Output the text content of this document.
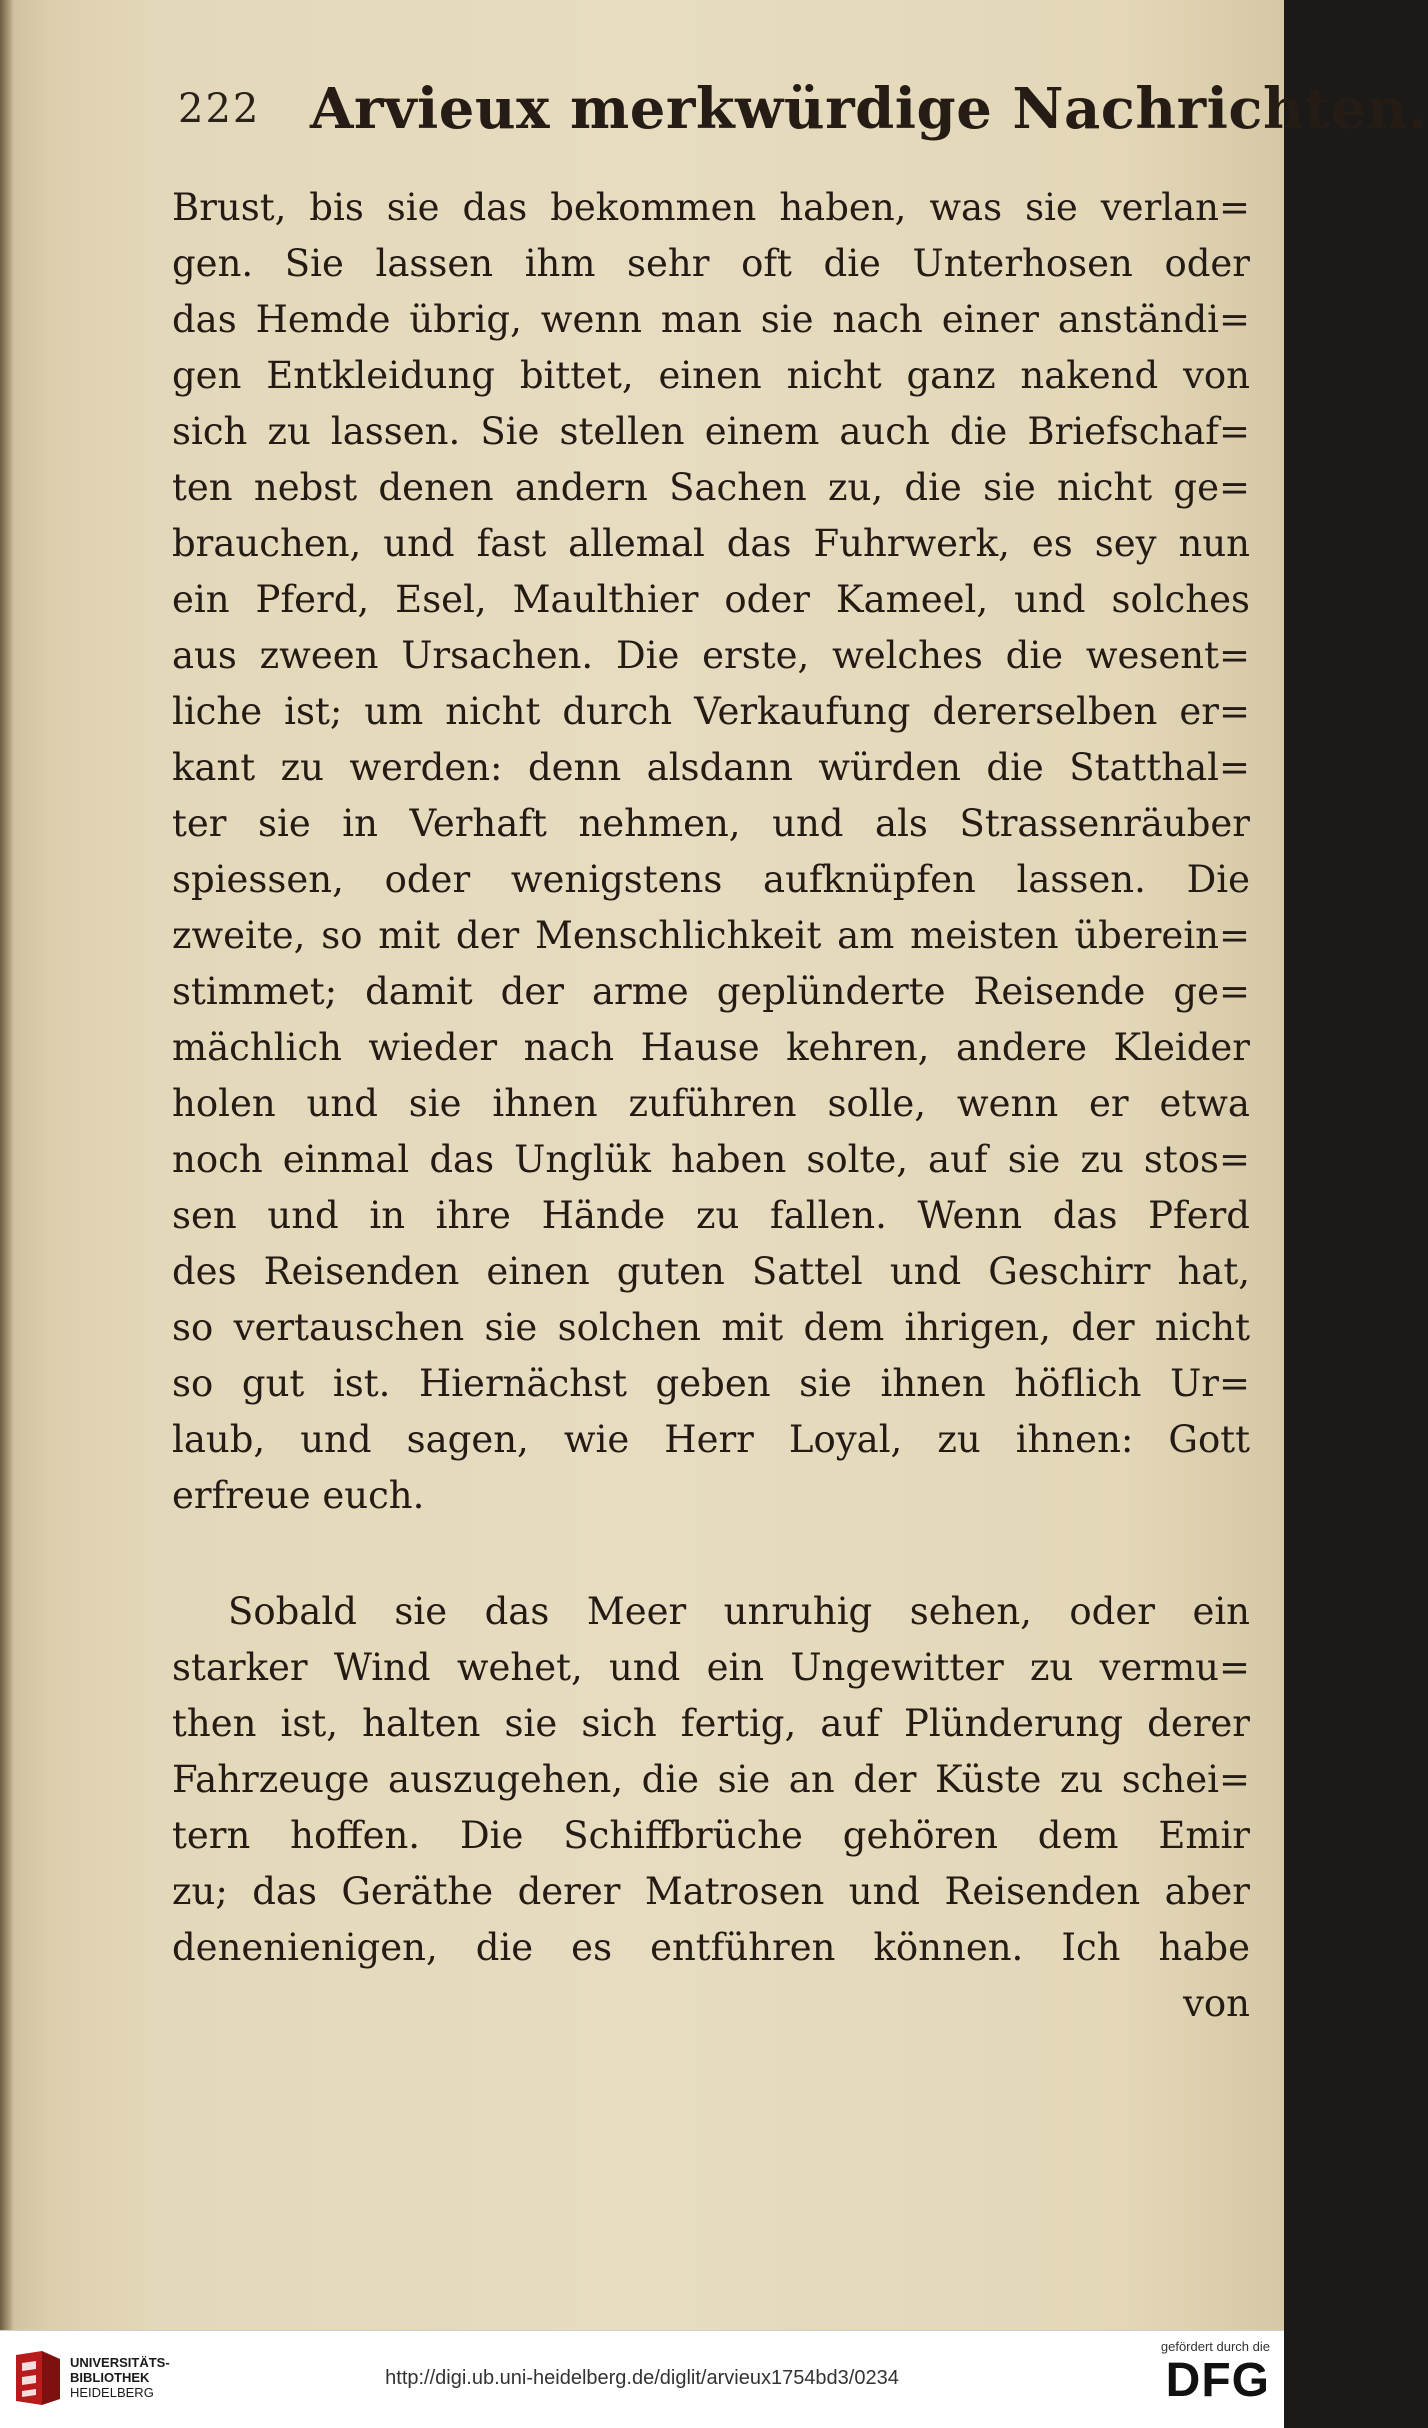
222 Arvieux merkwürdige Nachrichten.
Brust, bis sie das bekommen haben, was sie verlan=
gen. Sie lassen ihm sehr oft die Unterhosen oder
das Hemde übrig, wenn man sie nach einer anständi=
gen Entkleidung bittet, einen nicht ganz nakend von
sich zu lassen. Sie stellen einem auch die Briefschaf=
ten nebst denen andern Sachen zu, die sie nicht ge=
brauchen, und fast allemal das Fuhrwerk, es sey nun
ein Pferd, Esel, Maulthier oder Kameel, und solches
aus zween Ursachen. Die erste, welches die wesent=
liche ist; um nicht durch Verkaufung dererselben er=
kant zu werden: denn alsdann würden die Statthal=
ter sie in Verhaft nehmen, und als Strassenräuber
spiessen, oder wenigstens aufknüpfen lassen. Die
zweite, so mit der Menschlichkeit am meisten überein=
stimmet; damit der arme geplünderte Reisende ge=
mächlich wieder nach Hause kehren, andere Kleider
holen und sie ihnen zuführen solle, wenn er etwa
noch einmal das Unglük haben solte, auf sie zu stos=
sen und in ihre Hände zu fallen. Wenn das Pferd
des Reisenden einen guten Sattel und Geschirr hat,
so vertauschen sie solchen mit dem ihrigen, der nicht
so gut ist. Hiernächst geben sie ihnen höflich Ur=
laub, und sagen, wie Herr Loyal, zu ihnen: Gott
erfreue euch.
Sobald sie das Meer unruhig sehen, oder ein
starker Wind wehet, und ein Ungewitter zu vermu=
then ist, halten sie sich fertig, auf Plünderung derer
Fahrzeuge auszugehen, die sie an der Küste zu schei=
tern hoffen. Die Schiffbrüche gehören dem Emir
zu; das Geräthe derer Matrosen und Reisenden aber
denenienigen, die es entführen können. Ich habe
von
UNIVERSITÄTS-
BIBLIOTHEK
HEIDELBERG
http://digi.ub.uni-heidelberg.de/diglit/arvieux1754bd3/0234
gefördert durch die
DFG
